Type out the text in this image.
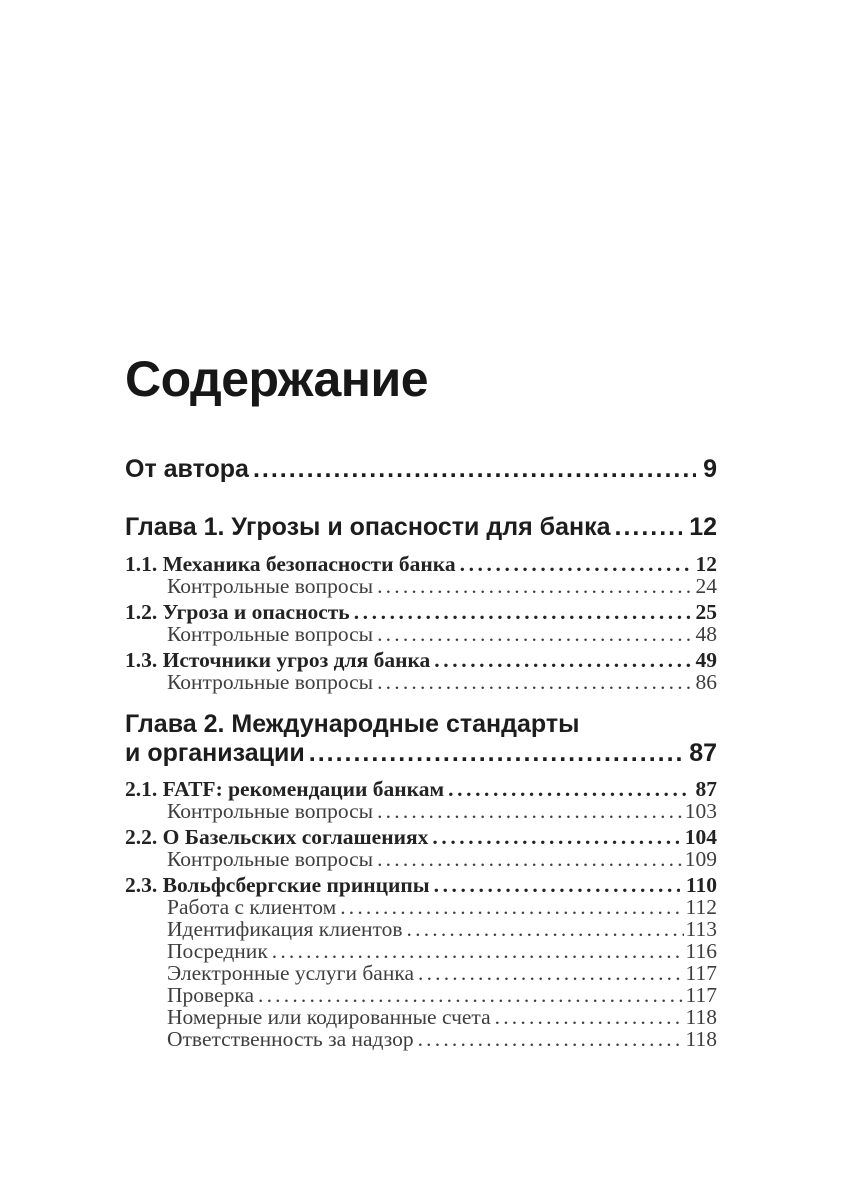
Содержание
От автора .....	9
Глава 1. Угрозы и опасности для банка .....	12
1.1. Механика безопасности банка .....	12
Контрольные вопросы .....	24
1.2. Угроза и опасность .....	25
Контрольные вопросы .....	48
1.3. Источники угроз для банка .....	49
Контрольные вопросы .....	86
Глава 2. Международные стандарты
и организации .....	87
2.1. FATF: рекомендации банкам .....	87
Контрольные вопросы .....	103
2.2. О Базельских соглашениях .....	104
Контрольные вопросы .....	109
2.3. Вольфсбергские принципы .....	110
Работа с клиентом .....	112
Идентификация клиентов .....	113
Посредник .....	116
Электронные услуги банка .....	117
Проверка .....	117
Номерные или кодированные счета .....	118
Ответственность за надзор .....	118
